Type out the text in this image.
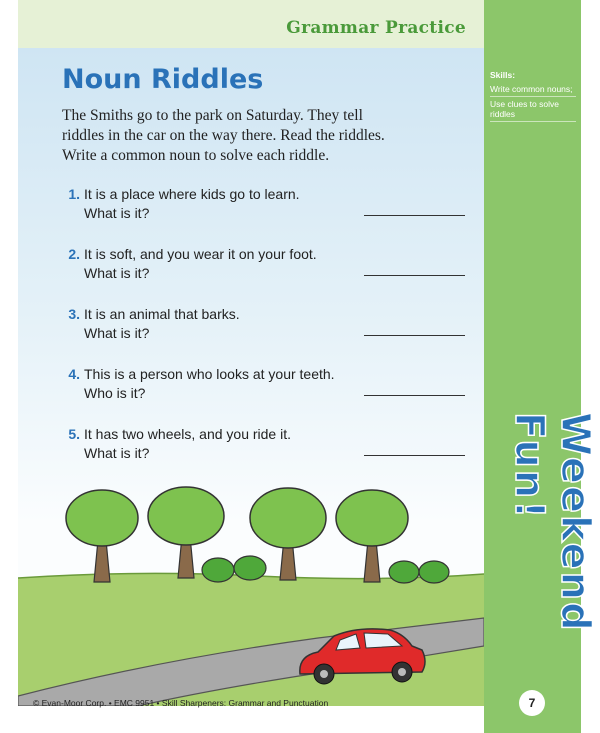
Grammar Practice
Skills:
Write common nouns;
Use clues to solve riddles
Weekend Fun!
7
Noun Riddles
The Smiths go to the park on Saturday. They tell riddles in the car on the way there. Read the riddles. Write a common noun to solve each riddle.
1. It is a place where kids go to learn.
What is it?
2. It is soft, and you wear it on your foot.
What is it?
3. It is an animal that barks.
What is it?
4. This is a person who looks at your teeth.
Who is it?
5. It has two wheels, and you ride it.
What is it?
© Evan-Moor Corp. • EMC 9951 • Skill Sharpeners: Grammar and Punctuation
